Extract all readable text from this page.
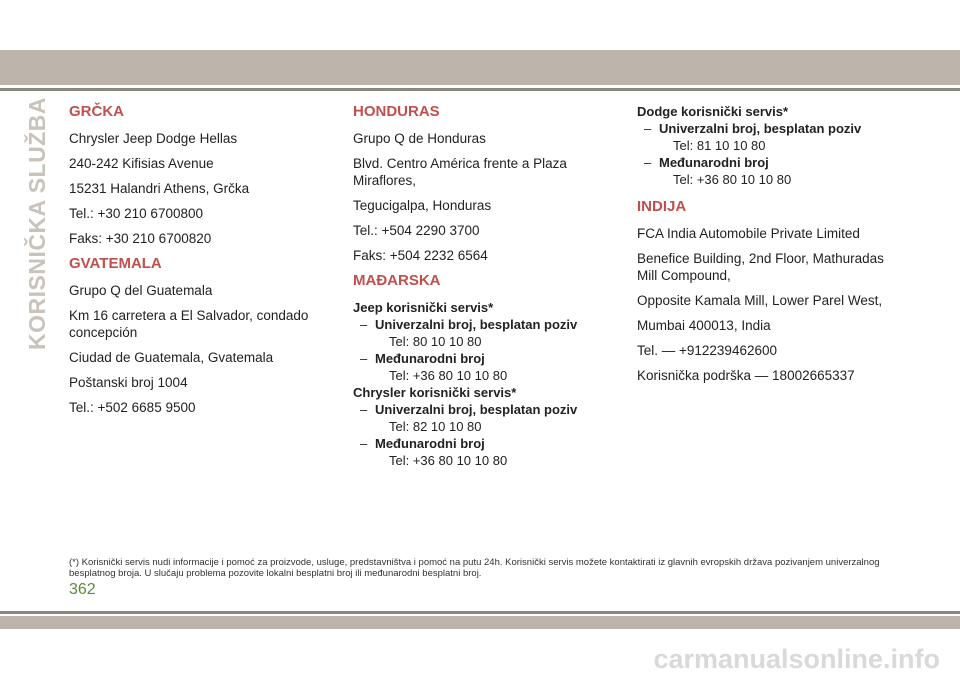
KORISNIČKA SLUŽBA GRČKA

Chrysler Jeep Dodge Hellas

240-242 Kifisias Avenue

15231 Halandri Athens, Grčka

Tel.: +30 210 6700800

Faks: +30 210 6700820

GVATEMALA

Grupo Q del Guatemala

Km 16 carretera a El Salvador, condado concepción

Ciudad de Guatemala, Gvatemala

Poštanski broj 1004

Tel.: +502 6685 9500

HONDURAS

Grupo Q de Honduras

Blvd. Centro América frente a Plaza Miraflores,

Tegucigalpa, Honduras

Tel.: +504 2290 3700

Faks: +504 2232 6564

MAĐARSKA
Jeep korisnički servis*
– Univerzalni broj, besplatan poziv
Tel: 80 10 10 80
– Međunarodni broj
Tel: +36 80 10 10 80
Chrysler korisnički servis*
– Univerzalni broj, besplatan poziv
Tel: 82 10 10 80
– Međunarodni broj
Tel: +36 80 10 10 80
Dodge korisnički servis*
– Univerzalni broj, besplatan poziv
Tel: 81 10 10 80
– Međunarodni broj
Tel: +36 80 10 10 80
INDIJA

FCA India Automobile Private Limited

Benefice Building, 2nd Floor, Mathuradas Mill Compound,

Opposite Kamala Mill, Lower Parel West,

Mumbai 400013, India

Tel. — +912239462600

Korisnička podrška — 18002665337

(*) Korisnički servis nudi informacije i pomoć za proizvode, usluge, predstavništva i pomoć na putu 24h. Korisnički servis možete kontaktirati iz glavnih evropskih država pozivanjem univerzalnog besplatnog broja. U slučaju problema pozovite lokalni besplatni broj ili međunarodni besplatni broj.
362
carmanualsonline.info
